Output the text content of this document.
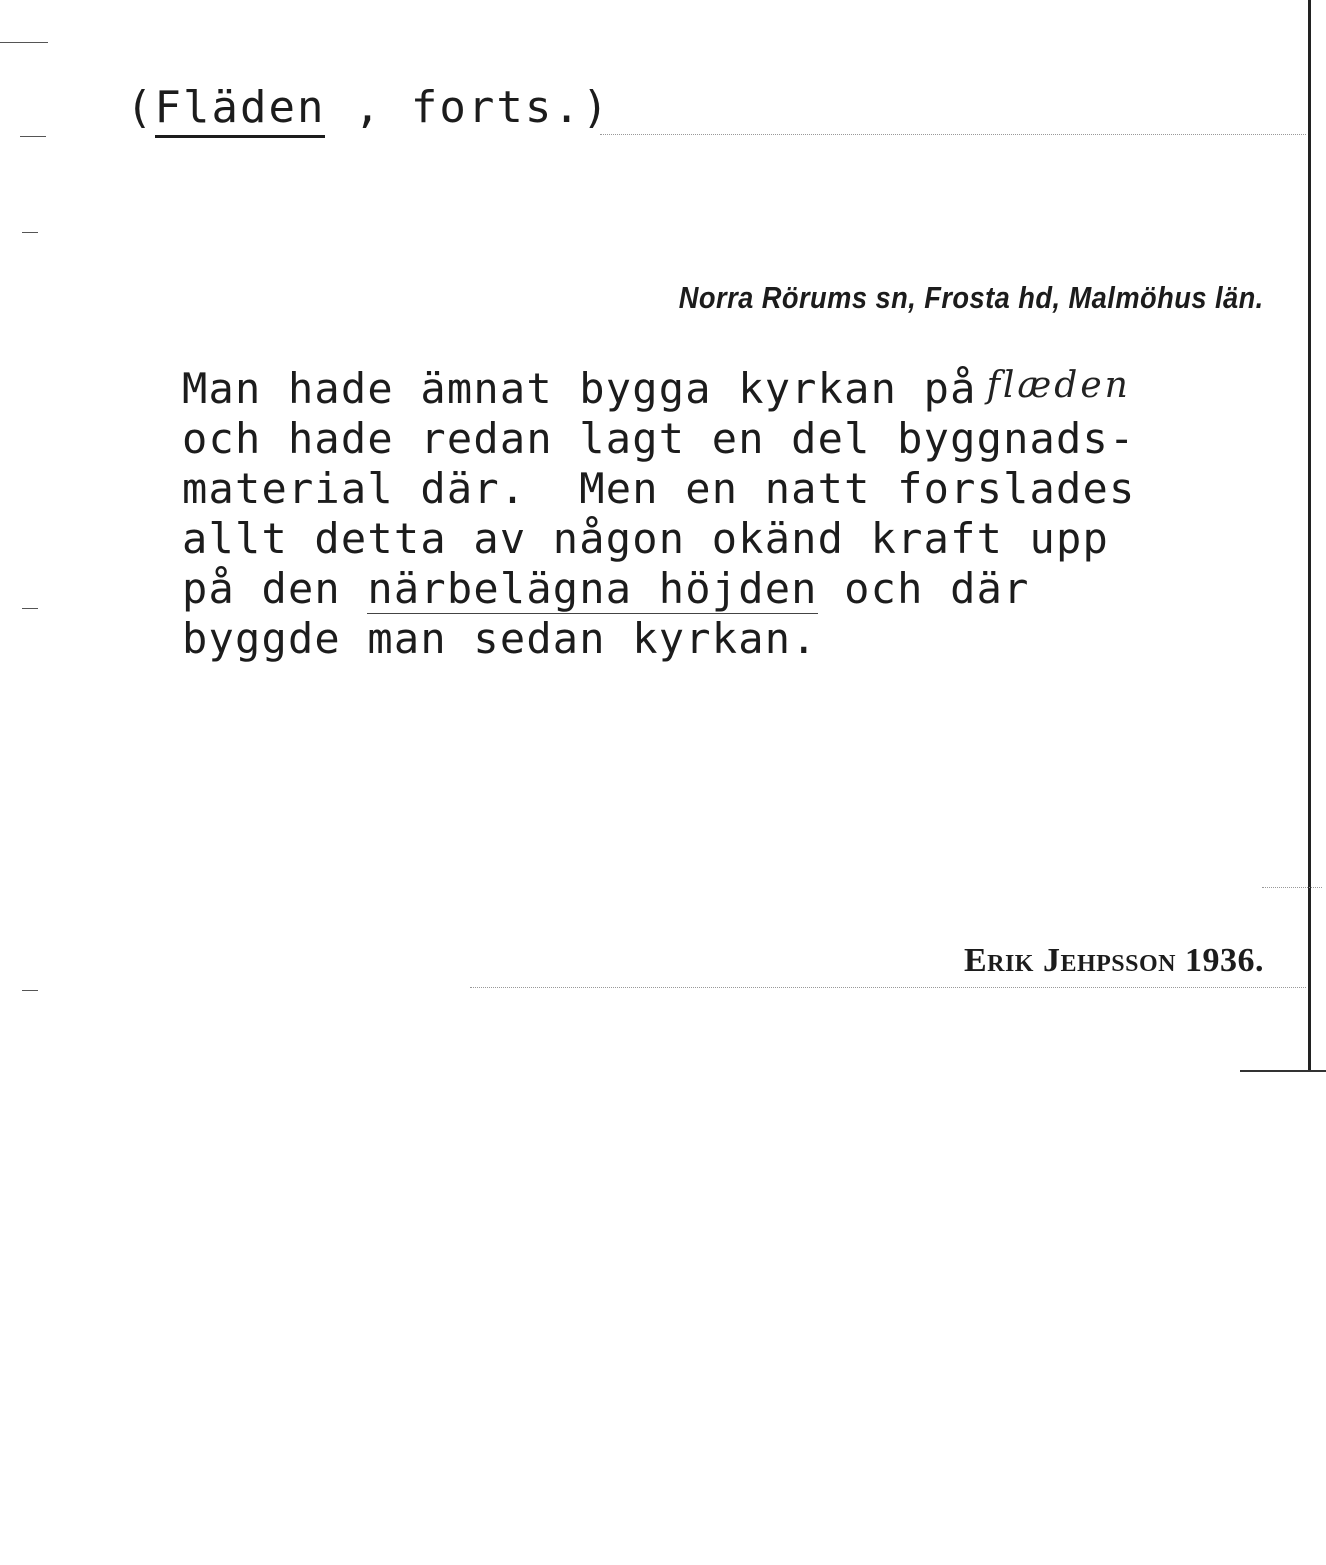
(Fläden , forts.)
Norra Rörums sn, Frosta hd, Malmöhus län.
Man hade ämnat bygga kyrkan på flæden
och hade redan lagt en del byggnads-
material där.  Men en natt forslades
allt detta av någon okänd kraft upp
på den närbelägna höjden och där
byggde man sedan kyrkan.
Erik Jehpsson 1936.
